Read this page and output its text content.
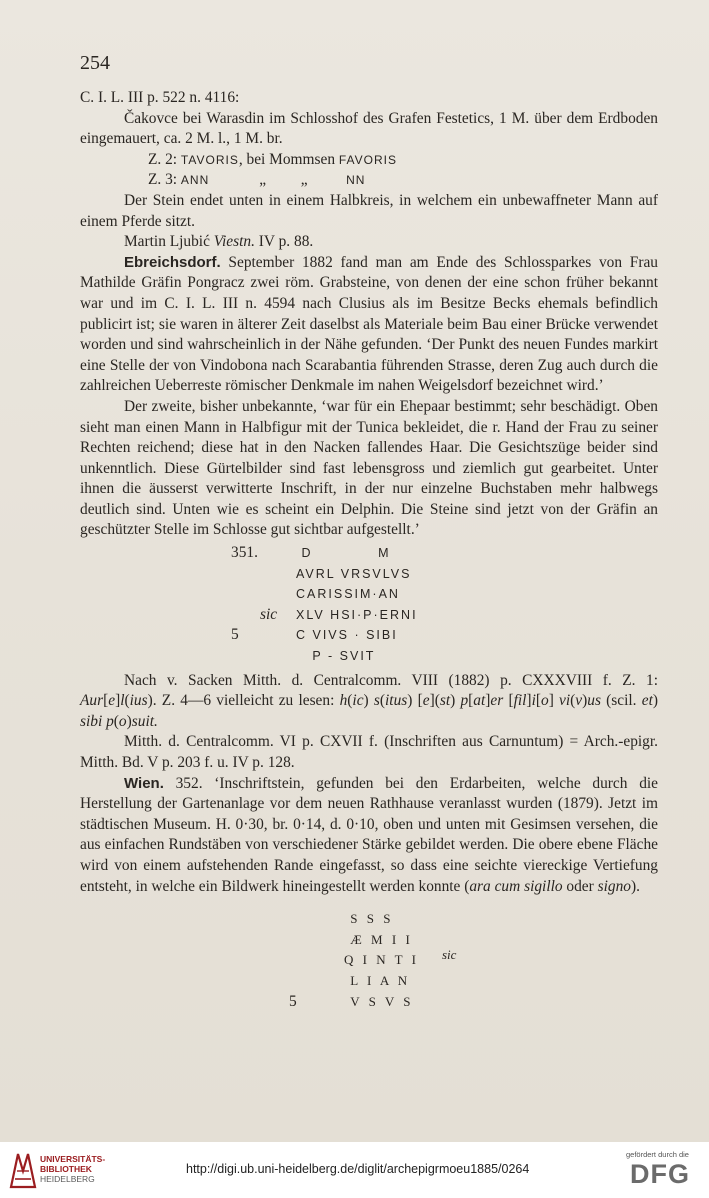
254

C. I. L. III p. 522 n. 4116:

Čakovce bei Warasdin im Schlosshof des Grafen Festetics, 1 M. über dem Erdboden eingemauert, ca. 2 M. l., 1 M. br.

Z. 2: TAVORIS, bei Mommsen FAVORIS

Z. 3: ANN             „         „          NN

Der Stein endet unten in einem Halbkreis, in welchem ein unbewaffneter Mann auf einem Pferde sitzt.

Martin Ljubić Viestn. IV p. 88.

Ebreichsdorf. September 1882 fand man am Ende des Schlossparkes von Frau Mathilde Gräfin Pongracz zwei röm. Grabsteine, von denen der eine schon früher bekannt war und im C. I. L. III n. 4594 nach Clusius als im Besitze Becks ehemals befindlich publicirt ist; sie waren in älterer Zeit daselbst als Materiale beim Bau einer Brücke verwendet worden und sind wahrscheinlich in der Nähe gefunden. ‘Der Punkt des neuen Fundes markirt eine Stelle der von Vindobona nach Scarabantia führenden Strasse, deren Zug auch durch die zahlreichen Ueberreste römischer Denkmale im nahen Weigelsdorf bezeichnet wird.’

Der zweite, bisher unbekannte, ‘war für ein Ehepaar bestimmt; sehr beschädigt. Oben sieht man einen Mann in Halbfigur mit der Tunica bekleidet, die r. Hand der Frau zu seiner Rechten reichend; diese hat in den Nacken fallendes Haar. Die Gesichtszüge beider sind unkenntlich. Diese Gürtelbilder sind fast lebensgross und ziemlich gut gearbeitet. Unter ihnen die äusserst verwitterte Inschrift, in der nur einzelne Buchstaben mehr halbwegs deutlich sind. Unten wie es scheint ein Delphin. Die Steine sind jetzt von der Gräfin an geschützter Stelle im Schlosse gut sichtbar aufgestellt.’

351.	D            M
AVRL VRSVLVS
CARISSIM·AN
sic XLV HSI·P·ERNI
5	C VIVS · SIBI
P - SVIT

Nach v. Sacken Mitth. d. Centralcomm. VIII (1882) p. CXXXVIII f. Z. 1: Aur[e]l(ius). Z. 4—6 vielleicht zu lesen: h(ic) s(itus) [e](st) p[at]er [fil]i[o] vi(v)us (scil. et) sibi p(o)suit.

Mitth. d. Centralcomm. VI p. CXVII f. (Inschriften aus Carnuntum) = Arch.-epigr. Mitth. Bd. V p. 203 f. u. IV p. 128.

Wien. 352. ‘Inschriftstein, gefunden bei den Erdarbeiten, welche durch die Herstellung der Gartenanlage vor dem neuen Rathhause veranlasst wurden (1879). Jetzt im städtischen Museum. H. 0·30, br. 0·14, d. 0·10, oben und unten mit Gesimsen versehen, die aus einfachen Rundstäben von verschiedener Stärke gebildet werden. Die obere ebene Fläche wird von einem aufstehenden Rande eingefasst, so dass eine seichte viereckige Vertiefung entsteht, in welche ein Bildwerk hineingestellt werden konnte (ara cum sigillo oder signo).

S S S
Æ M I I
sic
Q I N T I
L I A N
5	V S V S
UNIVERSITÄTS-
BIBLIOTHEK
HEIDELBERG
http://digi.ub.uni-heidelberg.de/diglit/archepigrmoeu1885/0264
gefördert durch die
DFG
